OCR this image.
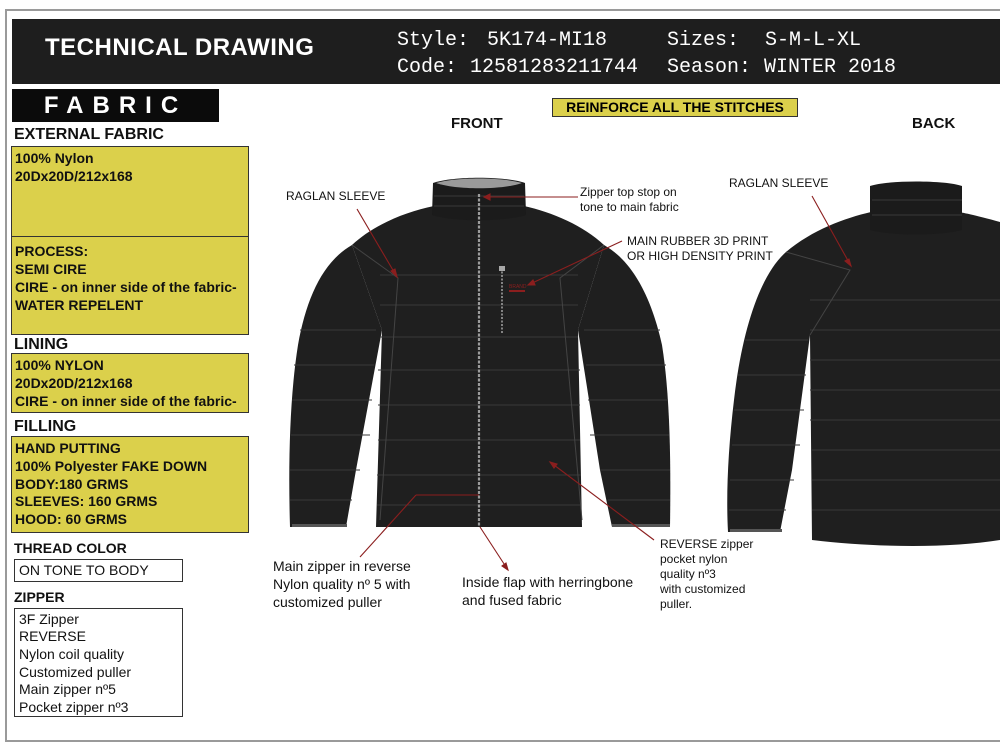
TECHNICAL DRAWING	Style: 5K174-MI18
Code: 12581283211744
Sizes: S-M-L-XL
Season: WINTER 2018
FABRIC
EXTERNAL FABRIC
100% Nylon
20Dx20D/212x168
PROCESS:
SEMI CIRE
CIRE - on inner side of the fabric-
WATER REPELENT
LINING
100% NYLON
20Dx20D/212x168
CIRE - on inner side of the fabric-
FILLING
HAND PUTTING
100% Polyester FAKE DOWN
BODY:180 GRMS
SLEEVES: 160 GRMS
HOOD: 60 GRMS
THREAD COLOR
ON TONE TO BODY
ZIPPER
3F Zipper
REVERSE
Nylon coil quality
Customized puller
Main zipper nº5
Pocket zipper nº3
REINFORCE ALL THE STITCHES
FRONT	BACK
BRAND
RAGLAN SLEEVE	Zipper top stop on
tone to main fabric
MAIN RUBBER 3D PRINT
OR HIGH DENSITY PRINT
RAGLAN SLEEVE
Main zipper in reverse
Nylon quality nº 5 with
customized puller
Inside flap with herringbone
and fused fabric
REVERSE zipper
pocket nylon
quality nº3
with customized
puller.
